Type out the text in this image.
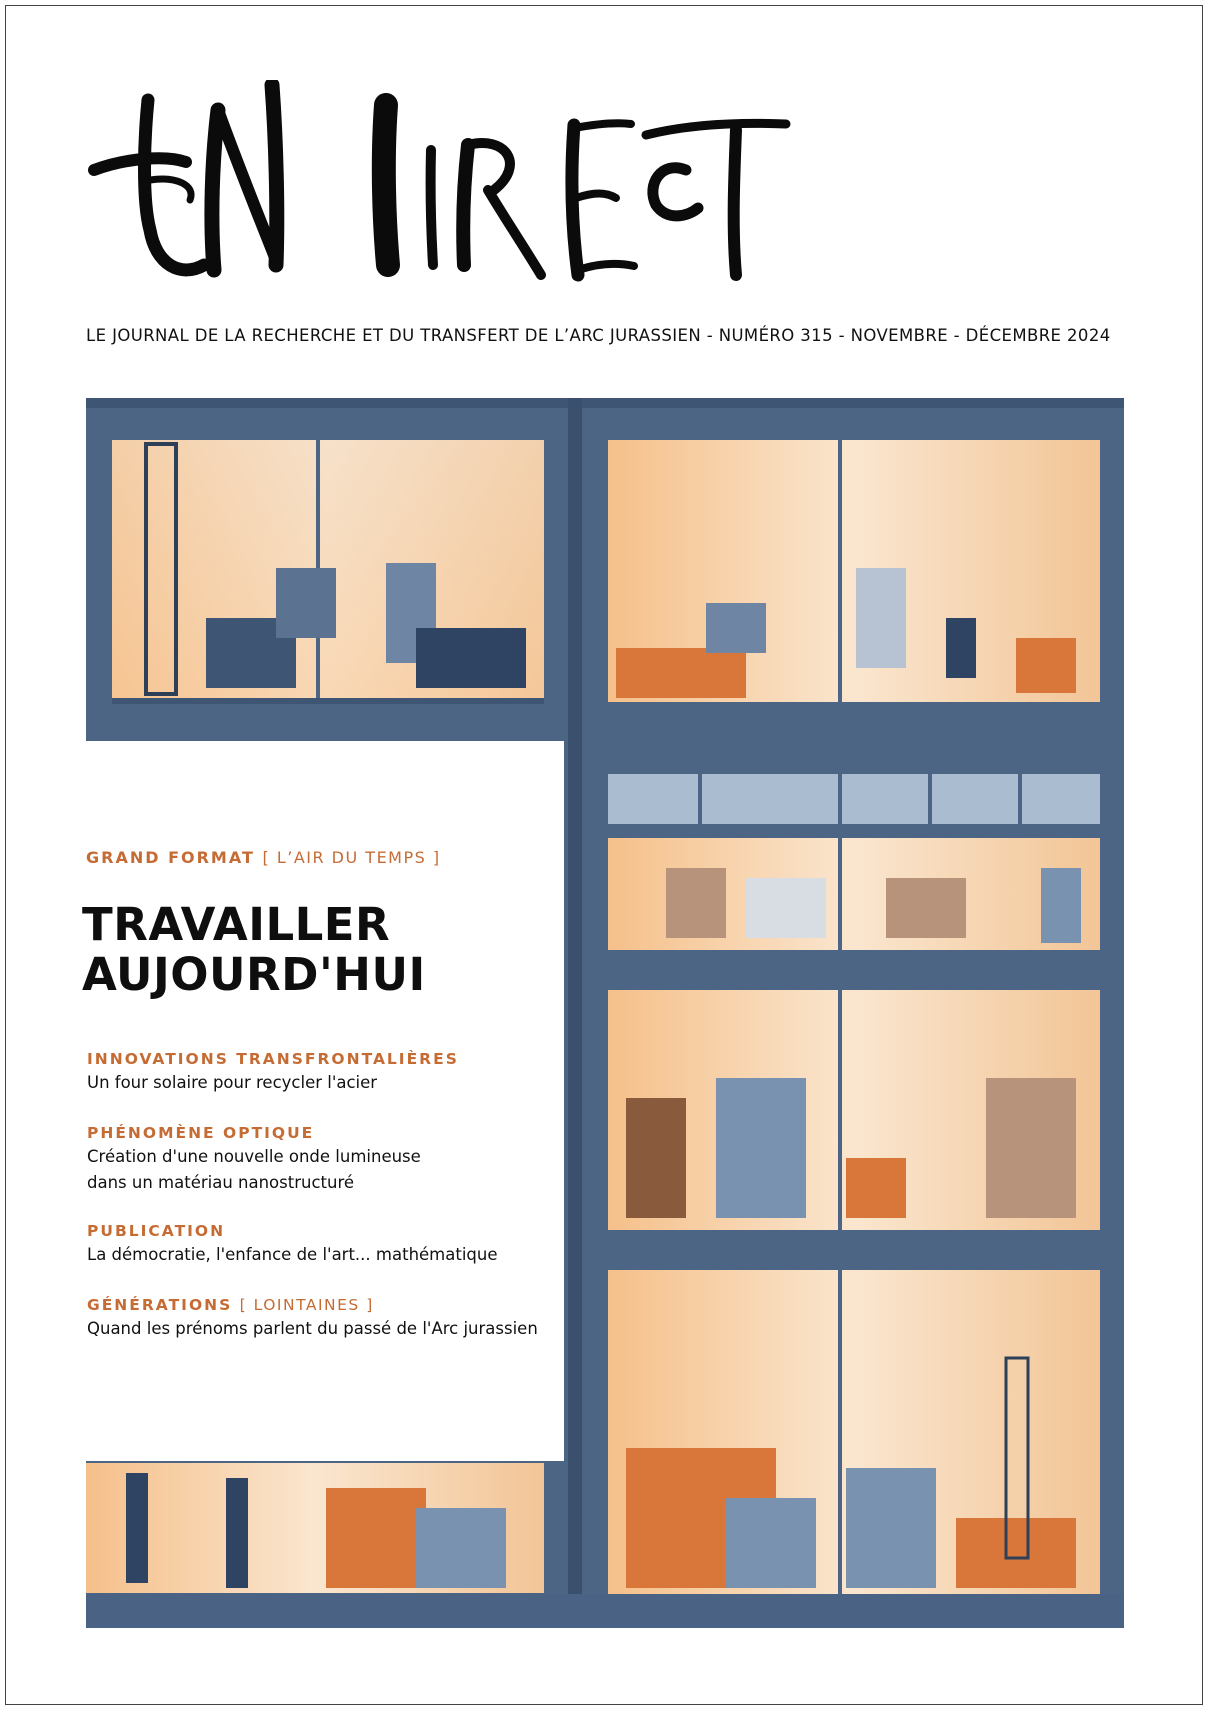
LE JOURNAL DE LA RECHERCHE ET DU TRANSFERT DE L’ARC JURASSIEN - NUMÉRO 315 - NOVEMBRE - DÉCEMBRE 2024
GRAND FORMAT [ L’AIR DU TEMPS ]
TRAVAILLER
AUJOURD'HUI
INNOVATIONS TRANSFRONTALIÈRES
Un four solaire pour recycler l'acier
PHÉNOMÈNE OPTIQUE
Création d'une nouvelle onde lumineuse
dans un matériau nanostructuré
PUBLICATION
La démocratie, l'enfance de l'art... mathématique
GÉNÉRATIONS [ LOINTAINES ]
Quand les prénoms parlent du passé de l'Arc jurassien
